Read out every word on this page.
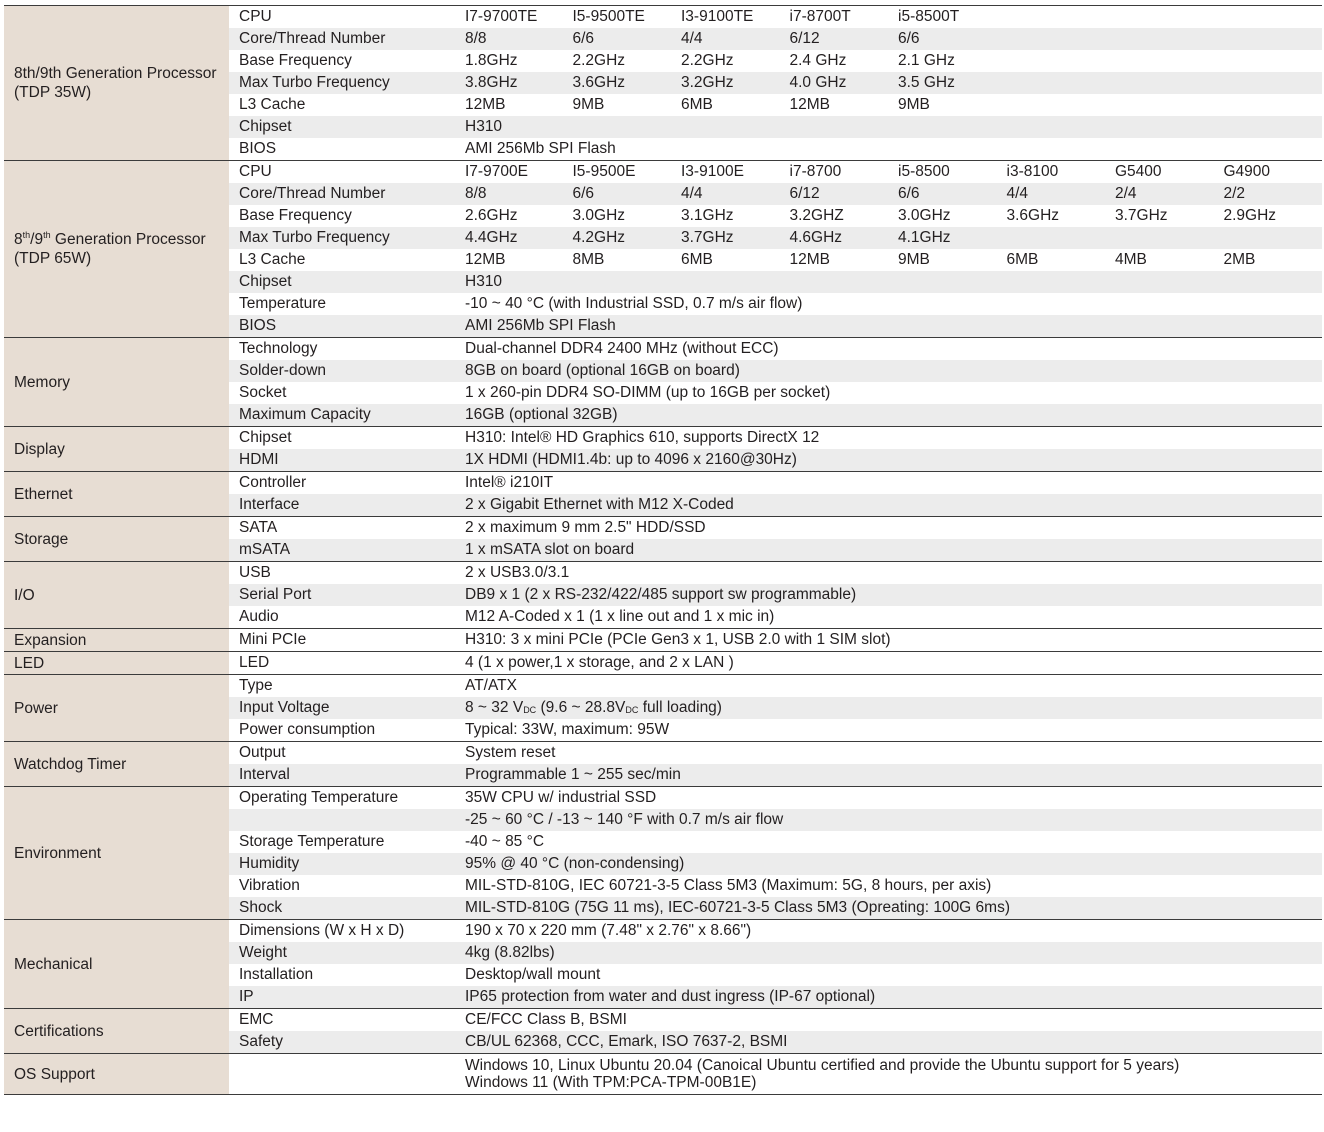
8th/9th Generation Processor (TDP 35W)	CPU	I7-9700TE	I5-9500TE	I3-9100TE	i7-8700T	i5-8500T			
	Core/Thread Number	8/8	6/6	4/4	6/12	6/6			
	Base Frequency	1.8GHz	2.2GHz	2.2GHz	2.4 GHz	2.1 GHz			
	Max Turbo Frequency	3.8GHz	3.6GHz	3.2GHz	4.0 GHz	3.5 GHz			
	L3 Cache	12MB	9MB	6MB	12MB	9MB			
	Chipset	H310							
	BIOS	AMI 256Mb SPI Flash							
8th/9th Generation Processor (TDP 65W)	CPU	I7-9700E	I5-9500E	I3-9100E	i7-8700	i5-8500	i3-8100	G5400	G4900
	Core/Thread Number	8/8	6/6	4/4	6/12	6/6	4/4	2/4	2/2
	Base Frequency	2.6GHz	3.0GHz	3.1GHz	3.2GHZ	3.0GHz	3.6GHz	3.7GHz	2.9GHz
	Max Turbo Frequency	4.4GHz	4.2GHz	3.7GHz	4.6GHz	4.1GHz			
	L3 Cache	12MB	8MB	6MB	12MB	9MB	6MB	4MB	2MB
	Chipset	H310							
	Temperature	-10 ~ 40 °C (with Industrial SSD, 0.7 m/s air flow)							
	BIOS	AMI 256Mb SPI Flash							
Memory	Technology	Dual-channel DDR4 2400 MHz (without ECC)							
	Solder-down	8GB on board (optional 16GB on board)							
	Socket	1 x 260-pin DDR4 SO-DIMM (up to 16GB per socket)							
	Maximum Capacity	16GB (optional 32GB)							
Display	Chipset	H310: Intel® HD Graphics 610, supports DirectX 12							
	HDMI	1X HDMI (HDMI1.4b: up to 4096 x 2160@30Hz)							
Ethernet	Controller	Intel® i210IT							
	Interface	2 x Gigabit Ethernet with M12 X-Coded							
Storage	SATA	2 x maximum 9 mm 2.5" HDD/SSD							
	mSATA	1 x mSATA slot on board							
I/O	USB	2 x USB3.0/3.1							
	Serial Port	DB9 x 1 (2 x RS-232/422/485 support sw programmable)							
	Audio	M12 A-Coded x 1 (1 x line out and 1 x mic in)							
Expansion	Mini PCIe	H310: 3 x mini PCIe (PCIe Gen3 x 1, USB 2.0 with 1 SIM slot)							
LED	LED	4 (1 x power,1 x storage, and 2 x LAN )							
Power	Type	AT/ATX							
	Input Voltage	8 ~ 32 $V_{DC}$ (9.6 ~ $28.8V_{DC}$ full loading)							
	Power consumption	Typical: 33W, maximum: 95W							
Watchdog Timer	Output	System reset							
	Interval	Programmable 1 ~ 255 sec/min							
Environment	Operating Temperature	35W CPU w/ industrial SSD							
		-25 ~ 60 °C / -13 ~ 140 °F with 0.7 m/s air flow							
	Storage Temperature	-40 ~ 85 °C							
	Humidity	95% @ 40 °C (non-condensing)							
	Vibration	MIL-STD-810G, IEC 60721-3-5 Class 5M3 (Maximum: 5G, 8 hours, per axis)							
	Shock	MIL-STD-810G (75G 11 ms), IEC-60721-3-5 Class 5M3 (Opreating: 100G 6ms)							
Mechanical	Dimensions (W x H x D)	190 x 70 x 220 mm (7.48" x 2.76" x 8.66")							
	Weight	4kg (8.82lbs)							
	Installation	Desktop/wall mount							
	IP	IP65 protection from water and dust ingress (IP-67 optional)							
Certifications	EMC	CE/FCC Class B, BSMI							
	Safety	CB/UL 62368, CCC, Emark, ISO 7637-2, BSMI							
OS Support		Windows 10, Linux Ubuntu 20.04 (Canoical Ubuntu certified and provide the Ubuntu support for 5 years)
Windows 11 (With TPM:PCA-TPM-00B1E)							
